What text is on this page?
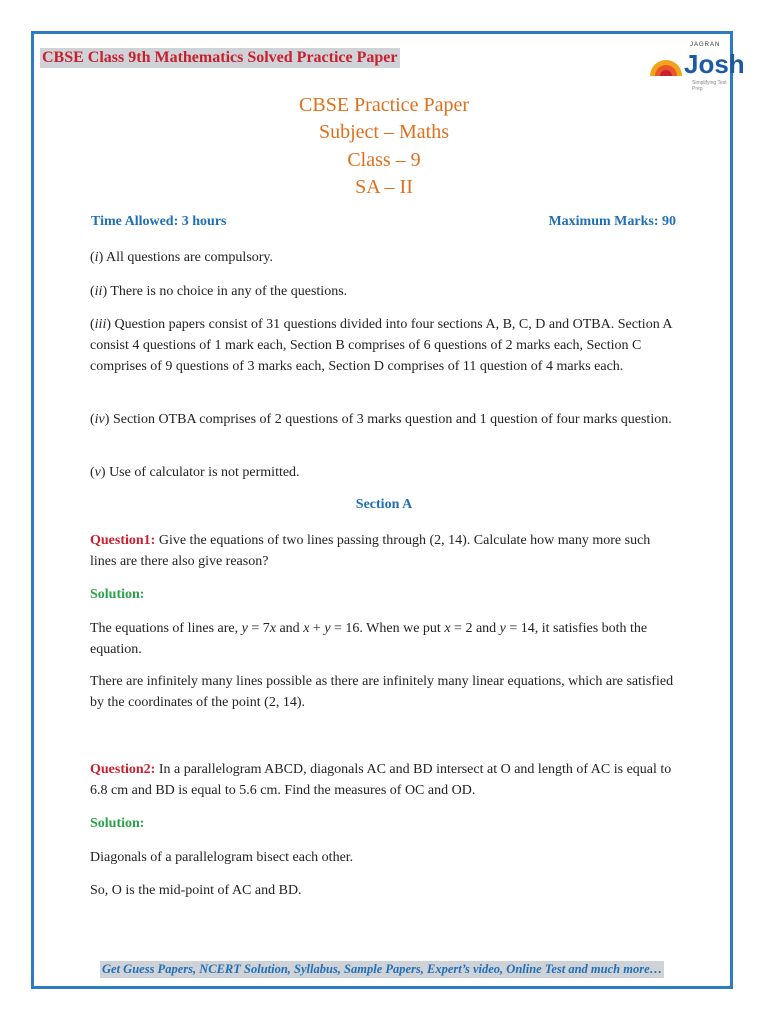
CBSE Class 9th Mathematics Solved Practice Paper
JAGRAN
Josh
Simplifying Test Prep
CBSE Practice Paper
Subject – Maths
Class – 9
SA – II
Time Allowed: 3 hours	Maximum Marks: 90

(i) All questions are compulsory.

(ii) There is no choice in any of the questions.

(iii) Question papers consist of 31 questions divided into four sections A, B, C, D and OTBA. Section A consist 4 questions of 1 mark each, Section B comprises of 6 questions of 2 marks each, Section C comprises of 9 questions of 3 marks each, Section D comprises of 11 question of 4 marks each.

(iv) Section OTBA comprises of 2 questions of 3 marks question and 1 question of four marks question.

(v) Use of calculator is not permitted.

Section A

Question1: Give the equations of two lines passing through (2, 14). Calculate how many more such lines are there also give reason?

Solution:

The equations of lines are, y = 7x and x + y = 16. When we put x = 2 and y = 14, it satisfies both the equation.

There are infinitely many lines possible as there are infinitely many linear equations, which are satisfied by the coordinates of the point (2, 14).

Question2: In a parallelogram ABCD, diagonals AC and BD intersect at O and length of AC is equal to 6.8 cm and BD is equal to 5.6 cm. Find the measures of OC and OD.

Solution:

Diagonals of a parallelogram bisect each other.

So, O is the mid-point of AC and BD.

Get Guess Papers, NCERT Solution, Syllabus, Sample Papers, Expert’s video, Online Test and much more…
